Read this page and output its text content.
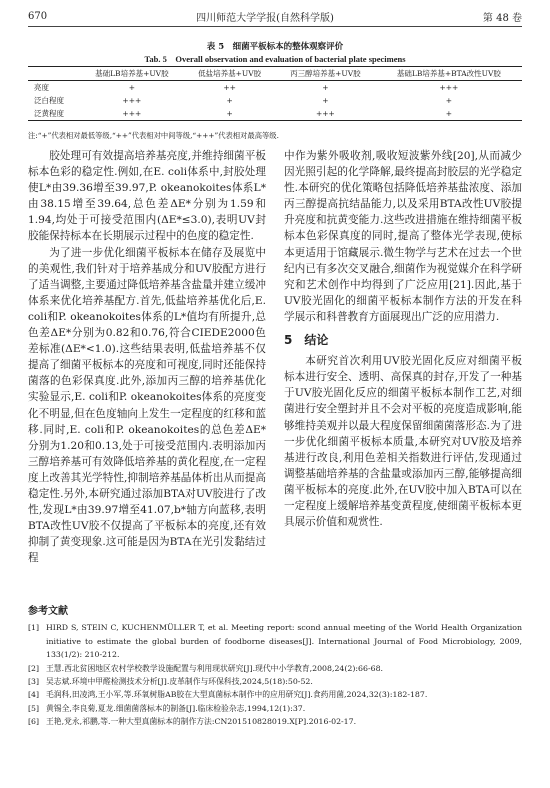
670	四川师范大学学报(自然科学版)	第 48 卷
表 5　细菌平板标本的整体观察评价
Tab. 5　Overall observation and evaluation of bacterial plate specimens
	基础LB培养基+UV胶	低盐培养基+UV胶	丙三醇培养基+UV胶	基础LB培养基+BTA改性UV胶
亮度	+	++	+	+++
泛白程度	+++	+	+	+
泛黄程度	+++	+	+++	+
注:“+”代表相对最低等级,“++”代表相对中间等级,“+++”代表相对最高等级.

胶处理可有效提高培养基亮度,并维持细菌平板标本色彩的稳定性.例如,在E. coli体系中,封胶处理使L*由39.36增至39.97,P. okeanokoites体系L*由38.15增至39.64,总色差ΔE*分别为1.59和1.94,均处于可接受范围内(ΔE*≤3.0),表明UV封胶能保持标本在长期展示过程中的色度的稳定性.

为了进一步优化细菌平板标本在储存及展览中的美观性,我们针对于培养基成分和UV胶配方进行了适当调整,主要通过降低培养基含盐量并建立缓冲体系来优化培养基配方.首先,低盐培养基优化后,E. coli和P. okeanokoites体系的L*值均有所提升,总色差ΔE*分别为0.82和0.76,符合CIEDE2000色差标准(ΔE*<1.0).这些结果表明,低盐培养基不仅提高了细菌平板标本的亮度和可视度,同时还能保持菌落的色彩保真度.此外,添加丙三醇的培养基优化实验显示,E. coli和P. okeanokoites体系的亮度变化不明显,但在色度轴向上发生一定程度的红移和蓝移.同时,E. coli和P. okeanokoites的总色差ΔE*分别为1.20和0.13,处于可接受范围内.表明添加丙三醇培养基可有效降低培养基的黄化程度,在一定程度上改善其光学特性,抑制培养基晶体析出从而提高稳定性.另外,本研究通过添加BTA对UV胶进行了改性,发现L*由39.97增至41.07,b*轴方向蓝移,表明BTA改性UV胶不仅提高了平板标本的亮度,还有效抑制了黄变现象.这可能是因为BTA在光引发黏结过程

中作为紫外吸收剂,吸收短波紫外线[20],从而减少因光照引起的化学降解,最终提高封胶层的光学稳定性.本研究的优化策略包括降低培养基盐浓度、添加丙三醇提高抗结晶能力,以及采用BTA改性UV胶提升亮度和抗黄变能力.这些改进措施在维持细菌平板标本色彩保真度的同时,提高了整体光学表现,使标本更适用于馆藏展示.微生物学与艺术在过去一个世纪内已有多次交叉融合,细菌作为视觉媒介在科学研究和艺术创作中均得到了广泛应用[21].因此,基于UV胶光固化的细菌平板标本制作方法的开发在科学展示和科普教育方面展现出广泛的应用潜力.

5　结论

本研究首次利用UV胶光固化反应对细菌平板标本进行安全、透明、高保真的封存,开发了一种基于UV胶光固化反应的细菌平板标本制作工艺,对细菌进行安全塑封并且不会对平板的亮度造成影响,能够维持美观并以最大程度保留细菌菌落形态.为了进一步优化细菌平板标本质量,本研究对UV胶及培养基进行改良,利用色差相关指数进行评估,发现通过调整基础培养基的含盐量或添加丙三醇,能够提高细菌平板标本的亮度.此外,在UV胶中加入BTA可以在一定程度上缓解培养基变黄程度,使细菌平板标本更具展示价值和观赏性.

参考文献
[1] HIRD S, STEIN C, KUCHENMÜLLER T, et al. Meeting report: scond annual meeting of the World Health Organization initiative to estimate the global burden of foodborne diseases[J]. International Journal of Food Microbiology, 2009, 133(1/2): 210-212.
[2] 王慧.西北贫困地区农村学校教学设施配置与利用现状研究[J].现代中小学教育,2008,24(2):66-68.
[3] 吴志斌.环境中甲醛检测技术分析[J].皮革制作与环保科技,2024,5(18):50-52.
[4] 毛润科,田凌鸿,王小军,等.环氧树脂AB胶在大型真菌标本制作中的应用研究[J].食药用菌,2024,32(3):182-187.
[5] 黄锡全,李良菊,夏龙.细菌菌落标本的制备[J].临床检验杂志,1994,12(1):37.
[6] 王艳,党永,祁鹏,等.一种大型真菌标本的制作方法:CN201510828019.X[P].2016-02-17.
